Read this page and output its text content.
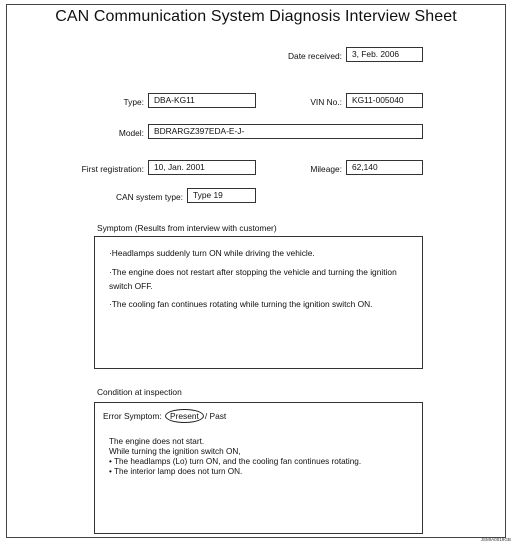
CAN Communication System Diagnosis Interview Sheet
Date received:	3, Feb. 2006
Type:	DBA-KG11	VIN No.:	KG11-005040
Model:	BDRARGZ397EDA-E-J-
First registration:	10, Jan. 2001	Mileage:	62,140
CAN system type:	Type 19
Symptom (Results from interview with customer)
·Headlamps suddenly turn ON while driving the vehicle.
·The engine does not restart after stopping the vehicle and turning the ignition switch OFF.
·The cooling fan continues rotating while turning the ignition switch ON.
Condition at inspection
Error Symptom: Present / Past
The engine does not start.
While turning the ignition switch ON,
• The headlamps (Lo) turn ON, and the cooling fan continues rotating.
• The interior lamp does not turn ON.
JSMIA0019GB
